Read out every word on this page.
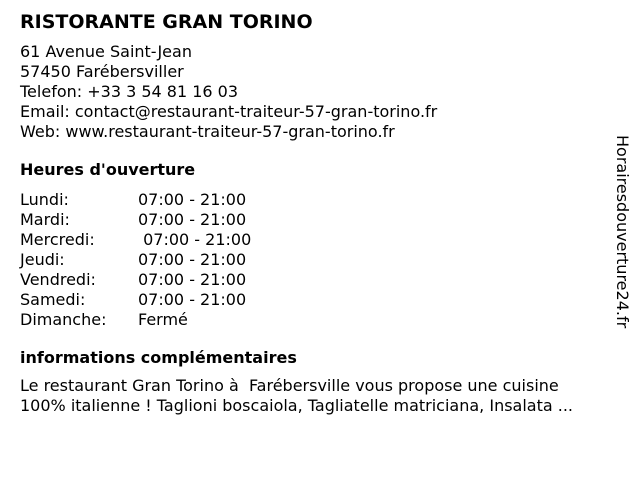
RISTORANTE GRAN TORINO
61 Avenue Saint-Jean
57450 Farébersviller
Telefon: +33 3 54 81 16 03
Email: contact@restaurant-traiteur-57-gran-torino.fr
Web: www.restaurant-traiteur-57-gran-torino.fr
Heures d'ouverture
Lundi:	07:00 - 21:00
Mardi:	07:00 - 21:00
Mercredi:	07:00 - 21:00
Jeudi:	07:00 - 21:00
Vendredi:	07:00 - 21:00
Samedi:	07:00 - 21:00
Dimanche:	Fermé
informations complémentaires
Le restaurant Gran Torino à  Farébersville vous propose une cuisine
100% italienne ! Taglioni boscaiola, Tagliatelle matriciana, Insalata ...
Horairesdouverture24.fr
